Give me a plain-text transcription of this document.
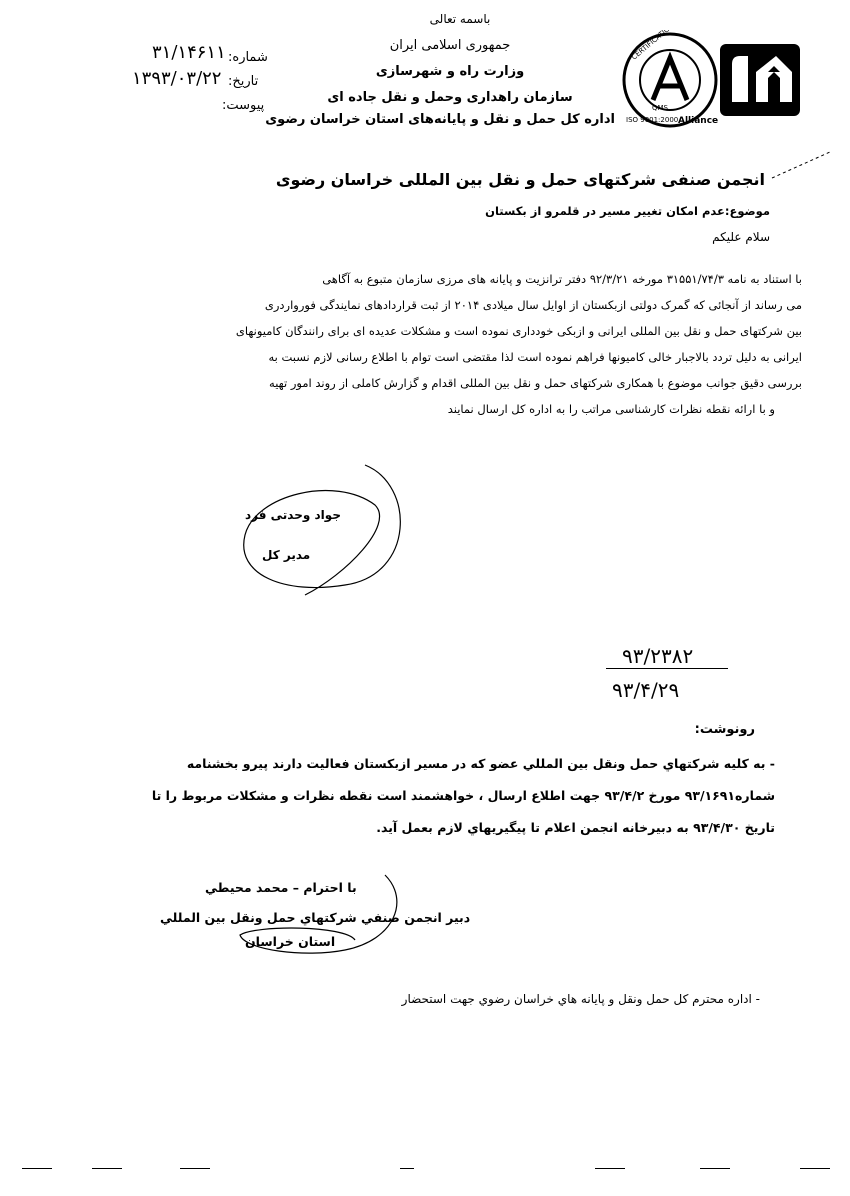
باسمه تعالی
جمهوری اسلامی ایران
وزارت راه و شهرسازی
سازمان راهداری وحمل و نقل جاده ای
اداره کل حمل و نقل و پایانه‌های استان خراسان رضوی
CERTIFICATION
Alliance
ISO 9001:2000
QMS
شماره:
۳۱/۱۴۶۱۱
تاریخ:
۱۳۹۳/۰۳/۲۲
پیوست:
انجمن صنفی شرکتهای حمل و نقل بین المللی خراسان رضوی
موضوع:عدم امکان تغییر مسیر در قلمرو از بکستان
سلام علیکم
با استناد به نامه ۳۱۵۵۱/۷۴/۳ مورخه ۹۲/۳/۲۱ دفتر ترانزیت و پایانه های مرزی سازمان متبوع به آگاهی
می رساند از آنجائی که گمرک دولتی ازبکستان از اوایل سال میلادی ۲۰۱۴ از ثبت قراردادهای نمایندگی فورواردری
بین شرکتهای حمل و نقل بین المللی ایرانی و ازبکی خودداری نموده است و مشکلات عدیده ای برای رانندگان کامیونهای
ایرانی به دلیل تردد بالاجبار خالی کامیونها فراهم نموده است لذا مقتضی است توام با اطلاع رسانی لازم نسبت به
بررسی دقیق جوانب موضوع با همکاری شرکتهای حمل و نقل بین المللی اقدام و گزارش کاملی از روند امور تهیه
و با ارائه نقطه نظرات کارشناسی مراتب را به اداره کل ارسال نمایند
جواد وحدتی فرد
مدیر کل
۹۳/۲۳۸۲
۹۳/۴/۲۹
رونوشت:
- به کلیه شرکتهاي حمل ونقل بين المللي عضو که در مسير ازبكستان فعاليت دارند پيرو بخشنامه
شماره۹۳/۱۶۹۱ مورخ ۹۳/۴/۲ جهت اطلاع ارسال ، خواهشمند است نقطه نظرات و مشکلات مربوط را تا
تاريخ ۹۳/۴/۳۰ به دبيرخانه انجمن اعلام تا پيگيريهاي لازم بعمل آيد.
با احترام – محمد محيطي
دبير انجمن صنفي شرکتهاي حمل ونقل بين المللي
استان خراسان
- اداره محترم کل حمل ونقل و پايانه هاي خراسان رضوي جهت استحضار
